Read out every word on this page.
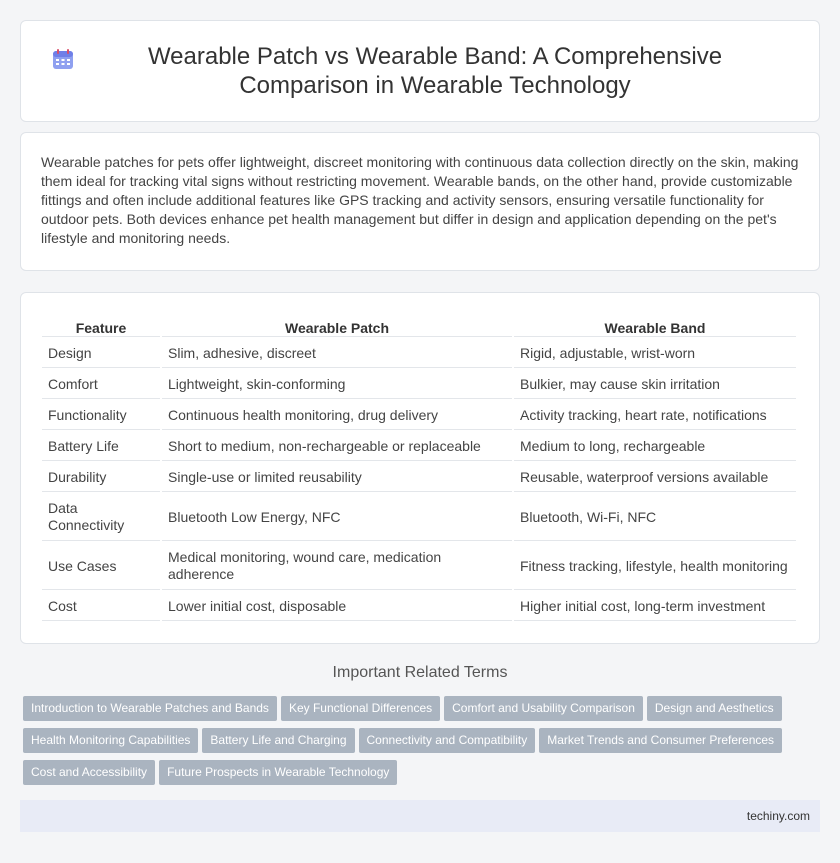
Wearable Patch vs Wearable Band: A Comprehensive Comparison in Wearable Technology

Wearable patches for pets offer lightweight, discreet monitoring with continuous data collection directly on the skin, making them ideal for tracking vital signs without restricting movement. Wearable bands, on the other hand, provide customizable fittings and often include additional features like GPS tracking and activity sensors, ensuring versatile functionality for outdoor pets. Both devices enhance pet health management but differ in design and application depending on the pet's lifestyle and monitoring needs.

Feature	Wearable Patch	Wearable Band
Design	Slim, adhesive, discreet	Rigid, adjustable, wrist-worn
Comfort	Lightweight, skin-conforming	Bulkier, may cause skin irritation
Functionality	Continuous health monitoring, drug delivery	Activity tracking, heart rate, notifications
Battery Life	Short to medium, non-rechargeable or replaceable	Medium to long, rechargeable
Durability	Single-use or limited reusability	Reusable, waterproof versions available
Data Connectivity	Bluetooth Low Energy, NFC	Bluetooth, Wi-Fi, NFC
Use Cases	Medical monitoring, wound care, medication adherence	Fitness tracking, lifestyle, health monitoring
Cost	Lower initial cost, disposable	Higher initial cost, long-term investment
Important Related Terms
Introduction to Wearable Patches and Bands Key Functional Differences Comfort and Usability Comparison Design and Aesthetics
Health Monitoring Capabilities Battery Life and Charging Connectivity and Compatibility Market Trends and Consumer Preferences
Cost and Accessibility Future Prospects in Wearable Technology
techiny.com
